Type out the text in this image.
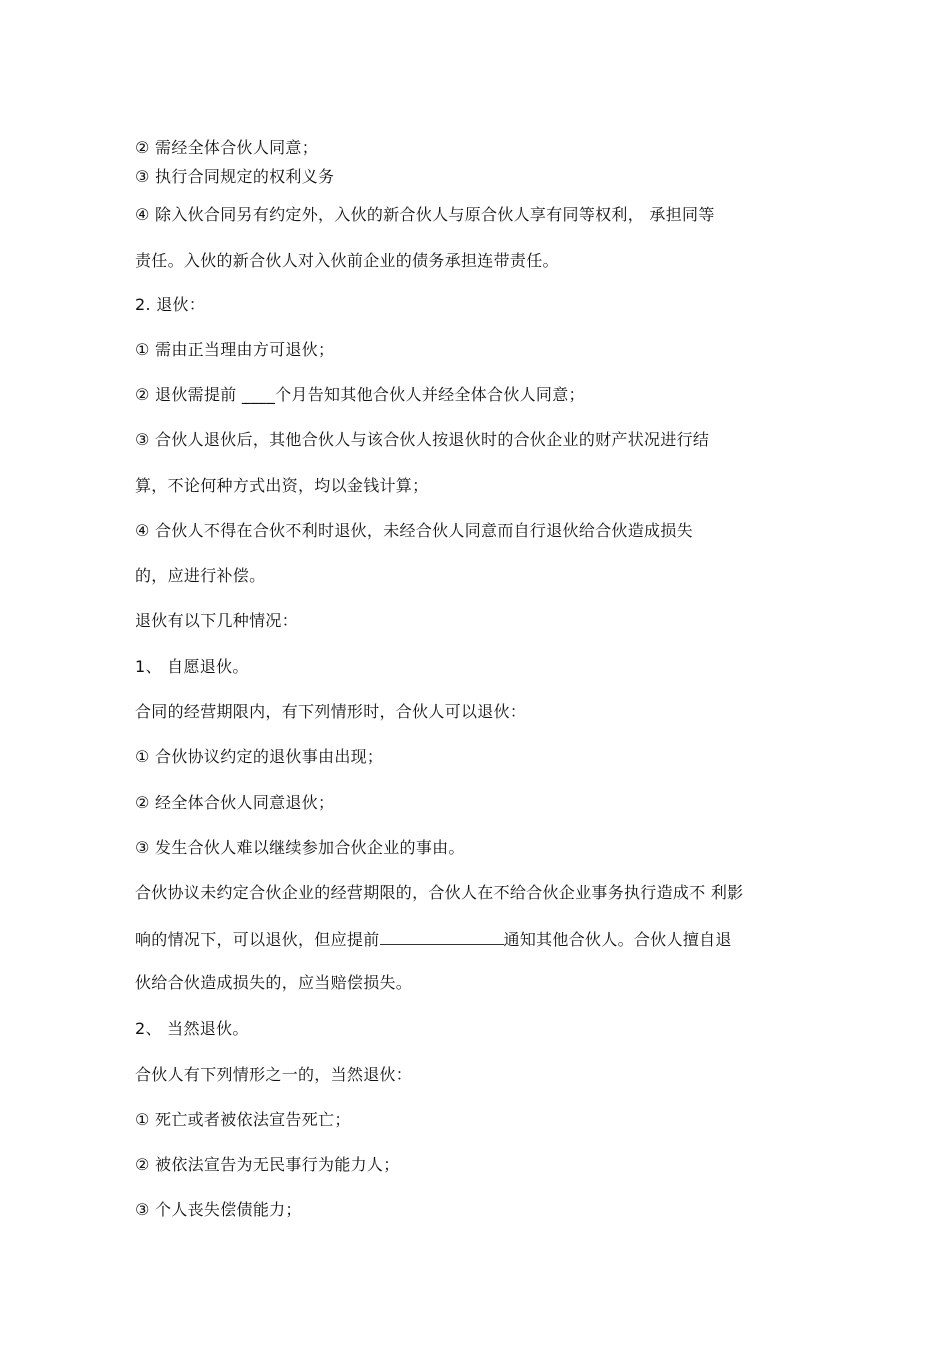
② 需经全体合伙人同意；
③ 执行合同规定的权利义务
④ 除入伙合同另有约定外，入伙的新合伙人与原合伙人享有同等权利， 承担同等
责任。入伙的新合伙人对入伙前企业的债务承担连带责任。
2. 退伙：
① 需由正当理由方可退伙；
② 退伙需提前 ____个月告知其他合伙人并经全体合伙人同意；
③ 合伙人退伙后，其他合伙人与该合伙人按退伙时的合伙企业的财产状况进行结
算，不论何种方式出资，均以金钱计算；
④ 合伙人不得在合伙不利时退伙，未经合伙人同意而自行退伙给合伙造成损失
的，应进行补偿。
退伙有以下几种情况：
1、 自愿退伙。
合同的经营期限内，有下列情形时，合伙人可以退伙：
① 合伙协议约定的退伙事由出现；
② 经全体合伙人同意退伙；
③ 发生合伙人难以继续参加合伙企业的事由。
合伙协议未约定合伙企业的经营期限的，合伙人在不给合伙企业事务执行造成不 利影
响的情况下，可以退伙，但应提前	通知其他合伙人。合伙人擅自退
伙给合伙造成损失的，应当赔偿损失。
2、 当然退伙。
合伙人有下列情形之一的，当然退伙：
① 死亡或者被依法宣告死亡；
② 被依法宣告为无民事行为能力人；
③ 个人丧失偿债能力；
